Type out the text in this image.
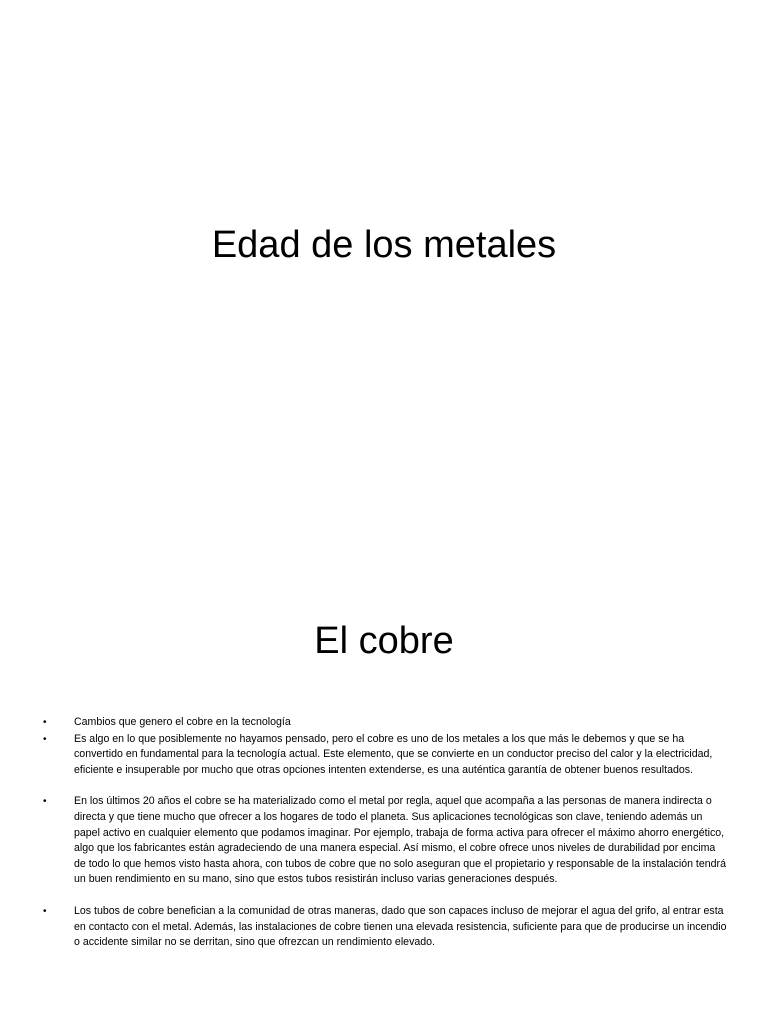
Edad de los metales
El cobre
•	Cambios que genero el cobre en la tecnología
•	Es algo en lo que posiblemente no hayamos pensado, pero el cobre es uno de los metales a los que más le debemos y que se ha convertido en fundamental para la tecnología actual. Este elemento, que se convierte en un conductor preciso del calor y la electricidad, eficiente e insuperable por mucho que otras opciones intenten extenderse, es una auténtica garantía de obtener buenos resultados.
•	En los últimos 20 años el cobre se ha materializado como el metal por regla, aquel que acompaña a las personas de manera indirecta o directa y que tiene mucho que ofrecer a los hogares de todo el planeta. Sus aplicaciones tecnológicas son clave, teniendo además un papel activo en cualquier elemento que podamos imaginar. Por ejemplo, trabaja de forma activa para ofrecer el máximo ahorro energético, algo que los fabricantes están agradeciendo de una manera especial. Así mismo, el cobre ofrece unos niveles de durabilidad por encima de todo lo que hemos visto hasta ahora, con tubos de cobre que no solo aseguran que el propietario y responsable de la instalación tendrá un buen rendimiento en su mano, sino que estos tubos resistirán incluso varias generaciones después.
•	Los tubos de cobre benefician a la comunidad de otras maneras, dado que son capaces incluso de mejorar el agua del grifo, al entrar esta en contacto con el metal. Además, las instalaciones de cobre tienen una elevada resistencia, suficiente para que de producirse un incendio o accidente similar no se derritan, sino que ofrezcan un rendimiento elevado.
